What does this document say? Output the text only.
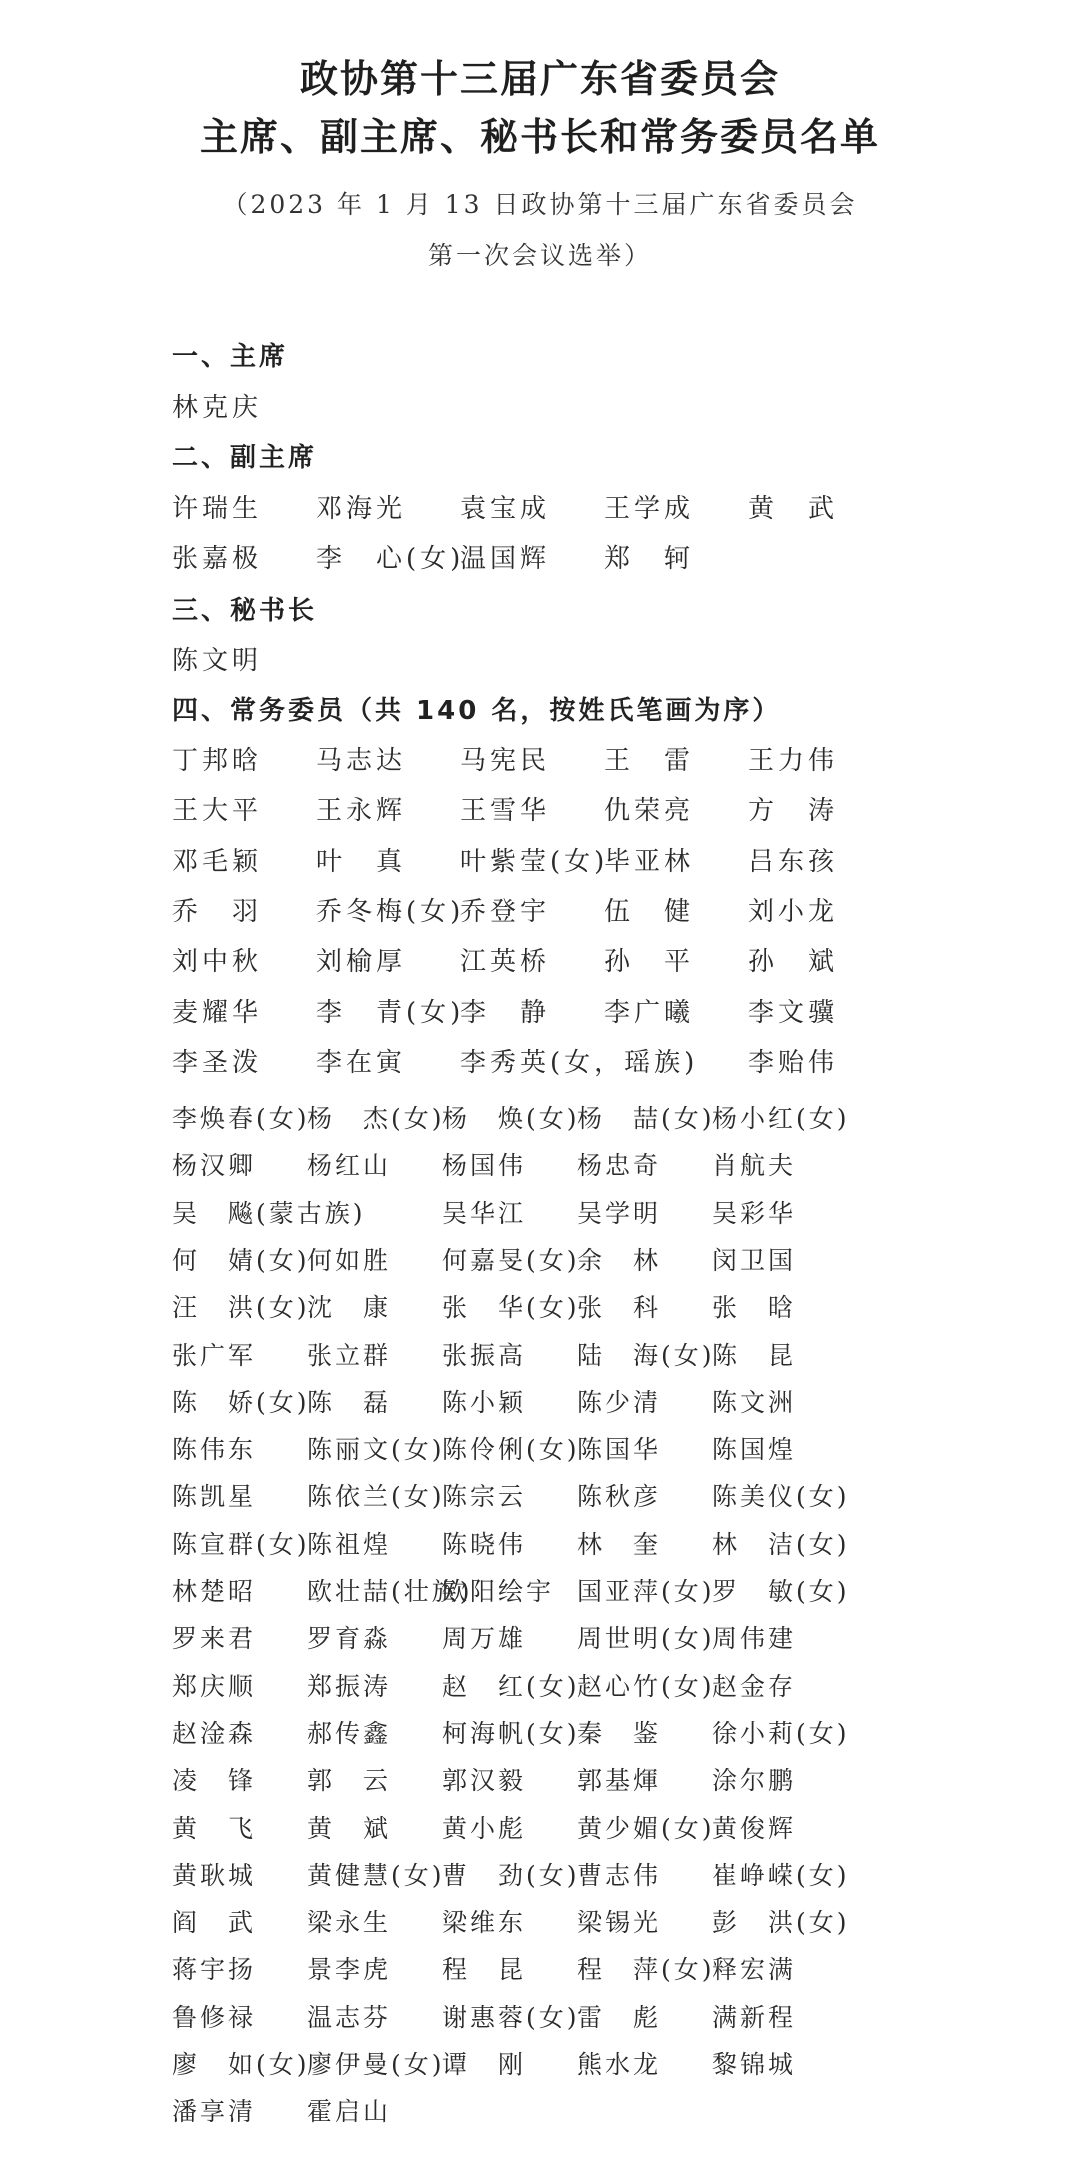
政协第十三届广东省委员会
主席、副主席、秘书长和常务委员名单
（2023 年 1 月 13 日政协第十三届广东省委员会
第一次会议选举）
一、主席
二、副主席
三、秘书长
四、常务委员（共 140 名，按姓氏笔画为序）
林克庆
许瑞生 邓海光 袁宝成 王学成 黄　武
张嘉极 李　心(女)
温国辉 郑　轲
陈文明
丁邦晗 马志达 马宪民 王　雷 王力伟
王大平 王永辉 王雪华 仇荣亮 方　涛
邓毛颖 叶　真 叶紫莹(女)
毕亚林 吕东孩
乔　羽 乔冬梅(女)
乔登宇 伍　健 刘小龙
刘中秋 刘榆厚 江英桥 孙　平 孙　斌
麦耀华 李　青(女)
李　静 李广曦 李文骥
李圣泼 李在寅 李秀英(女，瑶族) 李贻伟
李焕春(女)
杨　杰(女)
杨　焕(女)
杨　喆(女)
杨小红(女)
杨汉卿 杨红山 杨国伟 杨忠奇 肖航夫
吴　飚(蒙古族)	吴华江 吴学明 吴彩华
何　婧(女)
何如胜 何嘉旻(女)
余　林 闵卫国
汪　洪(女)
沈　康 张　华(女)
张　科 张　晗
张广军 张立群 张振高 陆　海(女)
陈　昆
陈　娇(女)
陈　磊 陈小颖 陈少清 陈文洲
陈伟东 陈丽文(女)
陈伶俐(女)
陈国华 陈国煌
陈凯星 陈依兰(女)
陈宗云 陈秋彦 陈美仪(女)
陈宣群(女)
陈祖煌 陈晓伟 林　奎 林　洁(女)
林楚昭 欧壮喆(壮族)
欧阳绘宇 国亚萍(女)
罗　敏(女)
罗来君 罗育淼 周万雄 周世明(女)
周伟建
郑庆顺 郑振涛 赵　红(女)
赵心竹(女)
赵金存
赵淦森 郝传鑫 柯海帆(女)
秦　鉴 徐小莉(女)
凌　锋 郭　云 郭汉毅 郭基煇 涂尔鹏
黄　飞 黄　斌 黄小彪 黄少媚(女)
黄俊辉
黄耿城 黄健慧(女)
曹　劲(女)
曹志伟 崔峥嵘(女)
阎　武 梁永生 梁维东 梁锡光 彭　洪(女)
蒋宇扬 景李虎 程　昆 程　萍(女)
释宏满
鲁修禄 温志芬 谢惠蓉(女)
雷　彪 满新程
廖　如(女)
廖伊曼(女)
谭　刚 熊水龙 黎锦城
潘享清 霍启山
